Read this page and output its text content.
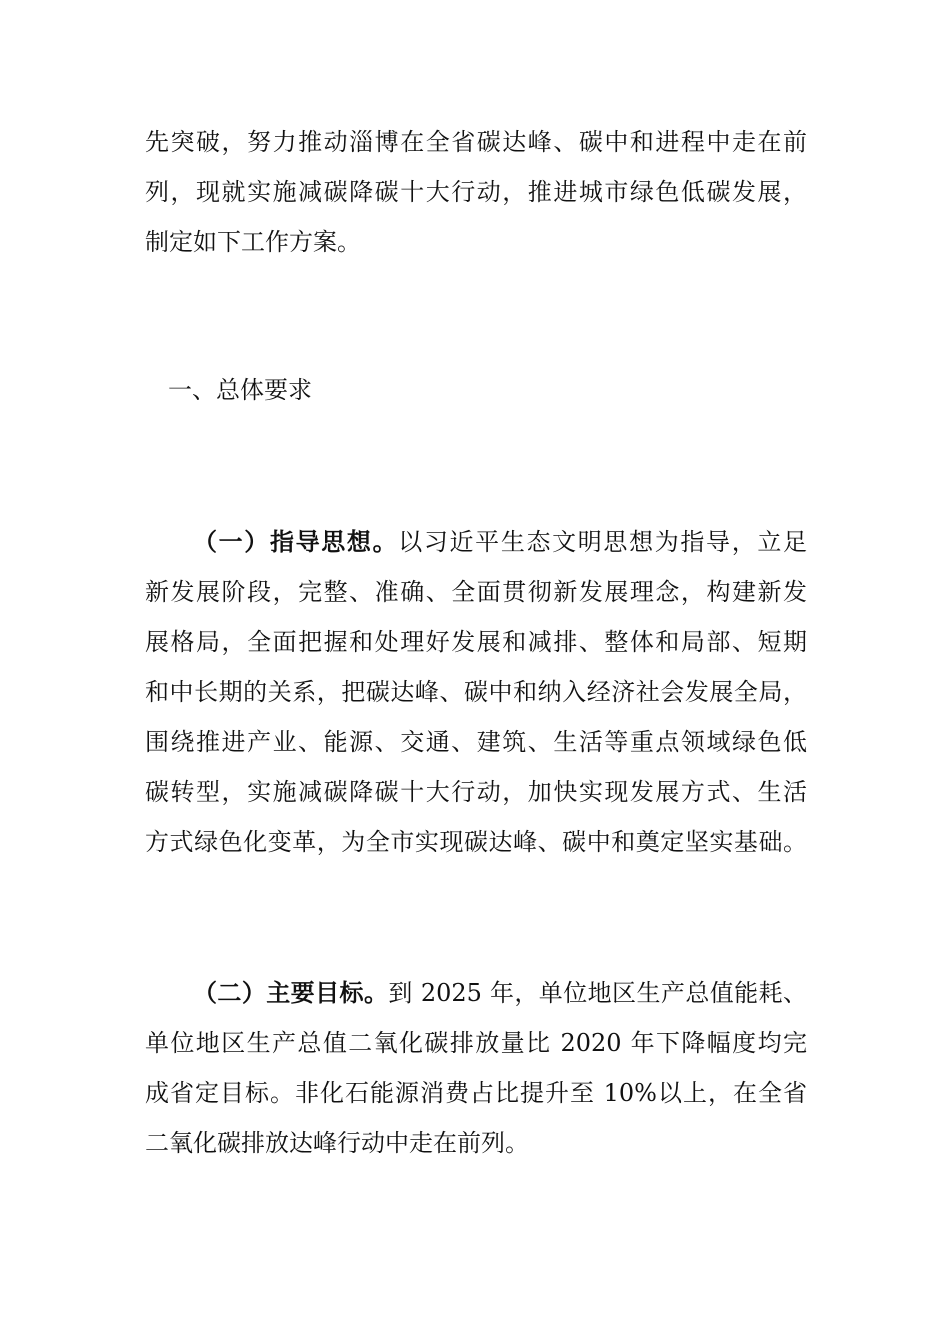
先突破，努力推动淄博在全省碳达峰、碳中和进程中走在前
列，现就实施减碳降碳十大行动，推进城市绿色低碳发展，
制定如下工作方案。
一、总体要求
（一）指导思想。以习近平生态文明思想为指导，立足
新发展阶段，完整、准确、全面贯彻新发展理念，构建新发
展格局，全面把握和处理好发展和减排、整体和局部、短期
和中长期的关系，把碳达峰、碳中和纳入经济社会发展全局，
围绕推进产业、能源、交通、建筑、生活等重点领域绿色低
碳转型，实施减碳降碳十大行动，加快实现发展方式、生活
方式绿色化变革，为全市实现碳达峰、碳中和奠定坚实基础。
（二）主要目标。到 2025 年，单位地区生产总值能耗、
单位地区生产总值二氧化碳排放量比 2020 年下降幅度均完
成省定目标。非化石能源消费占比提升至 10%以上，在全省
二氧化碳排放达峰行动中走在前列。
